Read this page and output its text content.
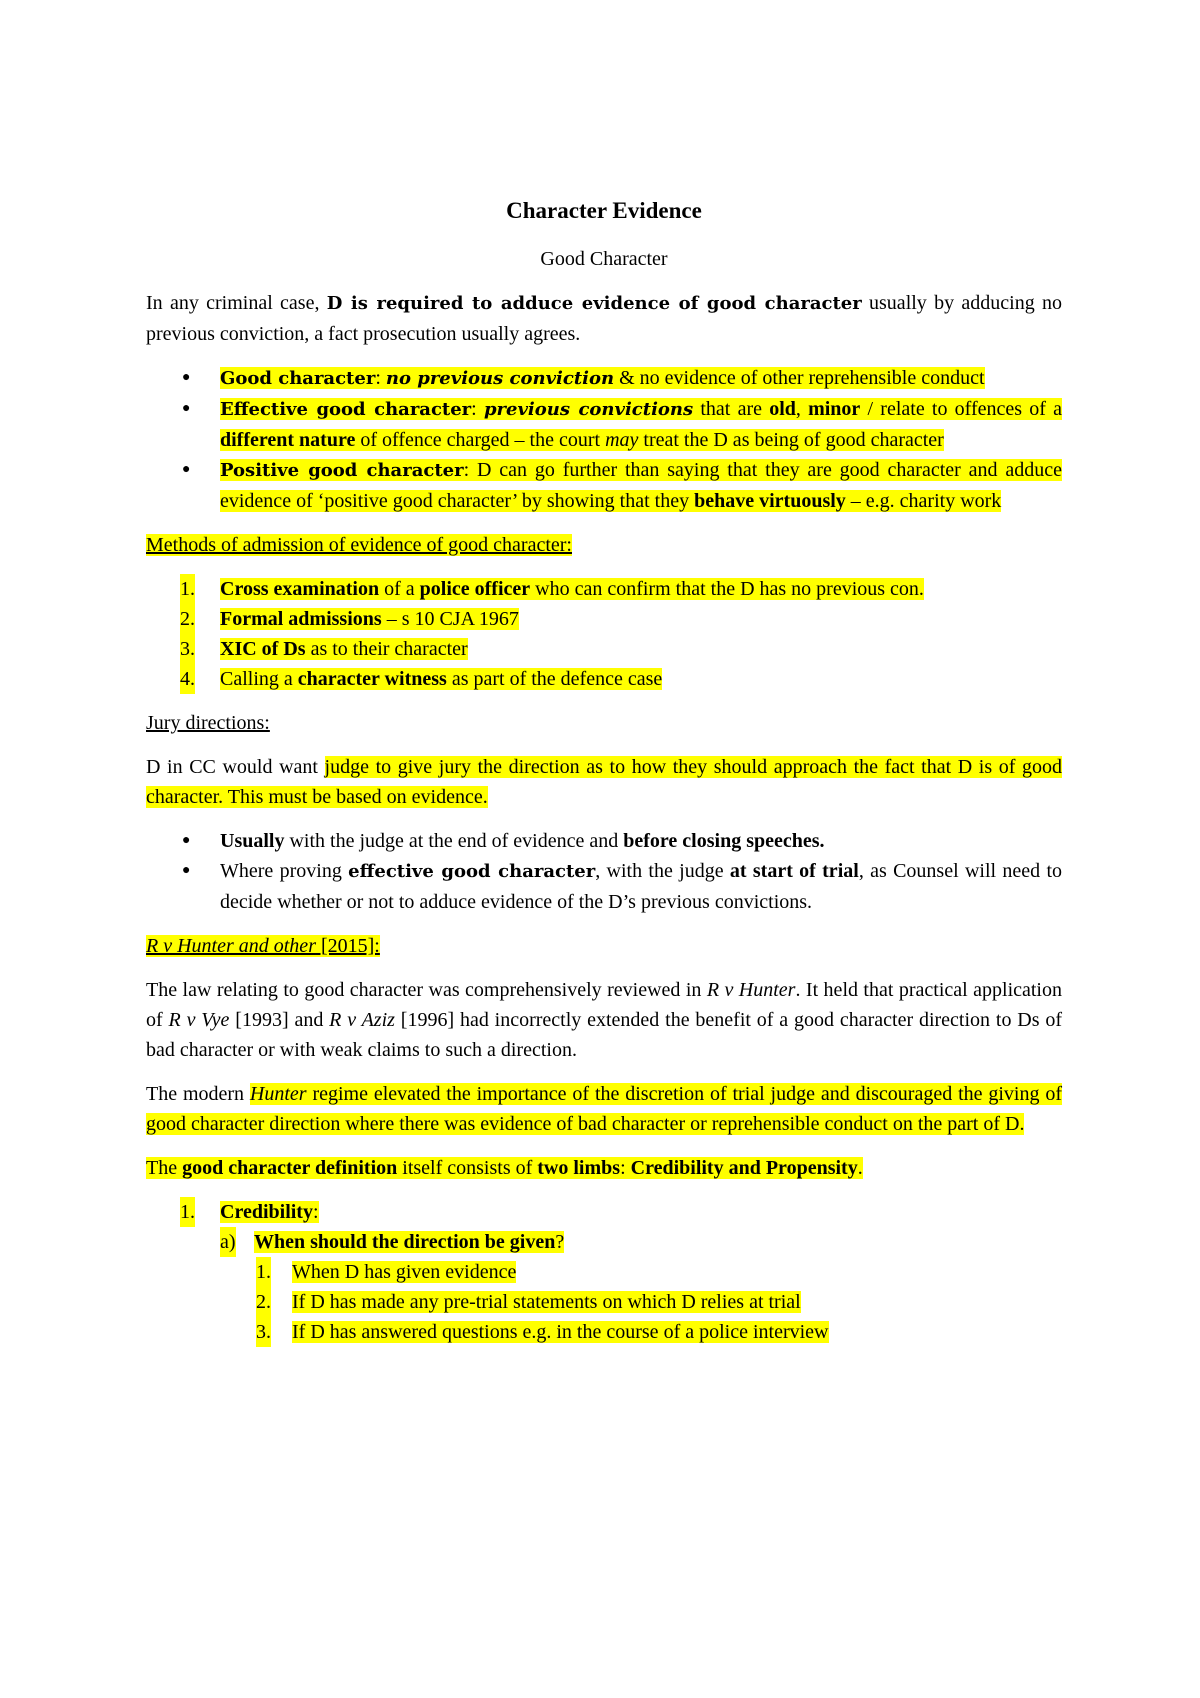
Character Evidence
Good Character

In any criminal case, D is required to adduce evidence of good character usually by adducing no previous conviction, a fact prosecution usually agrees.

● Good character: no previous conviction & no evidence of other reprehensible conduct
● Effective good character: previous convictions that are old, minor / relate to offences of a different nature of offence charged – the court may treat the D as being of good character
● Positive good character: D can go further than saying that they are good character and adduce evidence of ‘positive good character’ by showing that they behave virtuously – e.g. charity work

Methods of admission of evidence of good character:

1. Cross examination of a police officer who can confirm that the D has no previous con.
2. Formal admissions – s 10 CJA 1967
3. XIC of Ds as to their character
4. Calling a character witness as part of the defence case

Jury directions:

D in CC would want judge to give jury the direction as to how they should approach the fact that D is of good character. This must be based on evidence.

● Usually with the judge at the end of evidence and before closing speeches.
● Where proving effective good character, with the judge at start of trial, as Counsel will need to decide whether or not to adduce evidence of the D’s previous convictions.

R v Hunter and other [2015]:

The law relating to good character was comprehensively reviewed in R v Hunter. It held that practical application of R v Vye [1993] and R v Aziz [1996] had incorrectly extended the benefit of a good character direction to Ds of bad character or with weak claims to such a direction.

The modern Hunter regime elevated the importance of the discretion of trial judge and discouraged the giving of good character direction where there was evidence of bad character or reprehensible conduct on the part of D.

The good character definition itself consists of two limbs: Credibility and Propensity.

1. Credibility:
a) When should the direction be given?
1. When D has given evidence
2. If D has made any pre-trial statements on which D relies at trial
3. If D has answered questions e.g. in the course of a police interview
